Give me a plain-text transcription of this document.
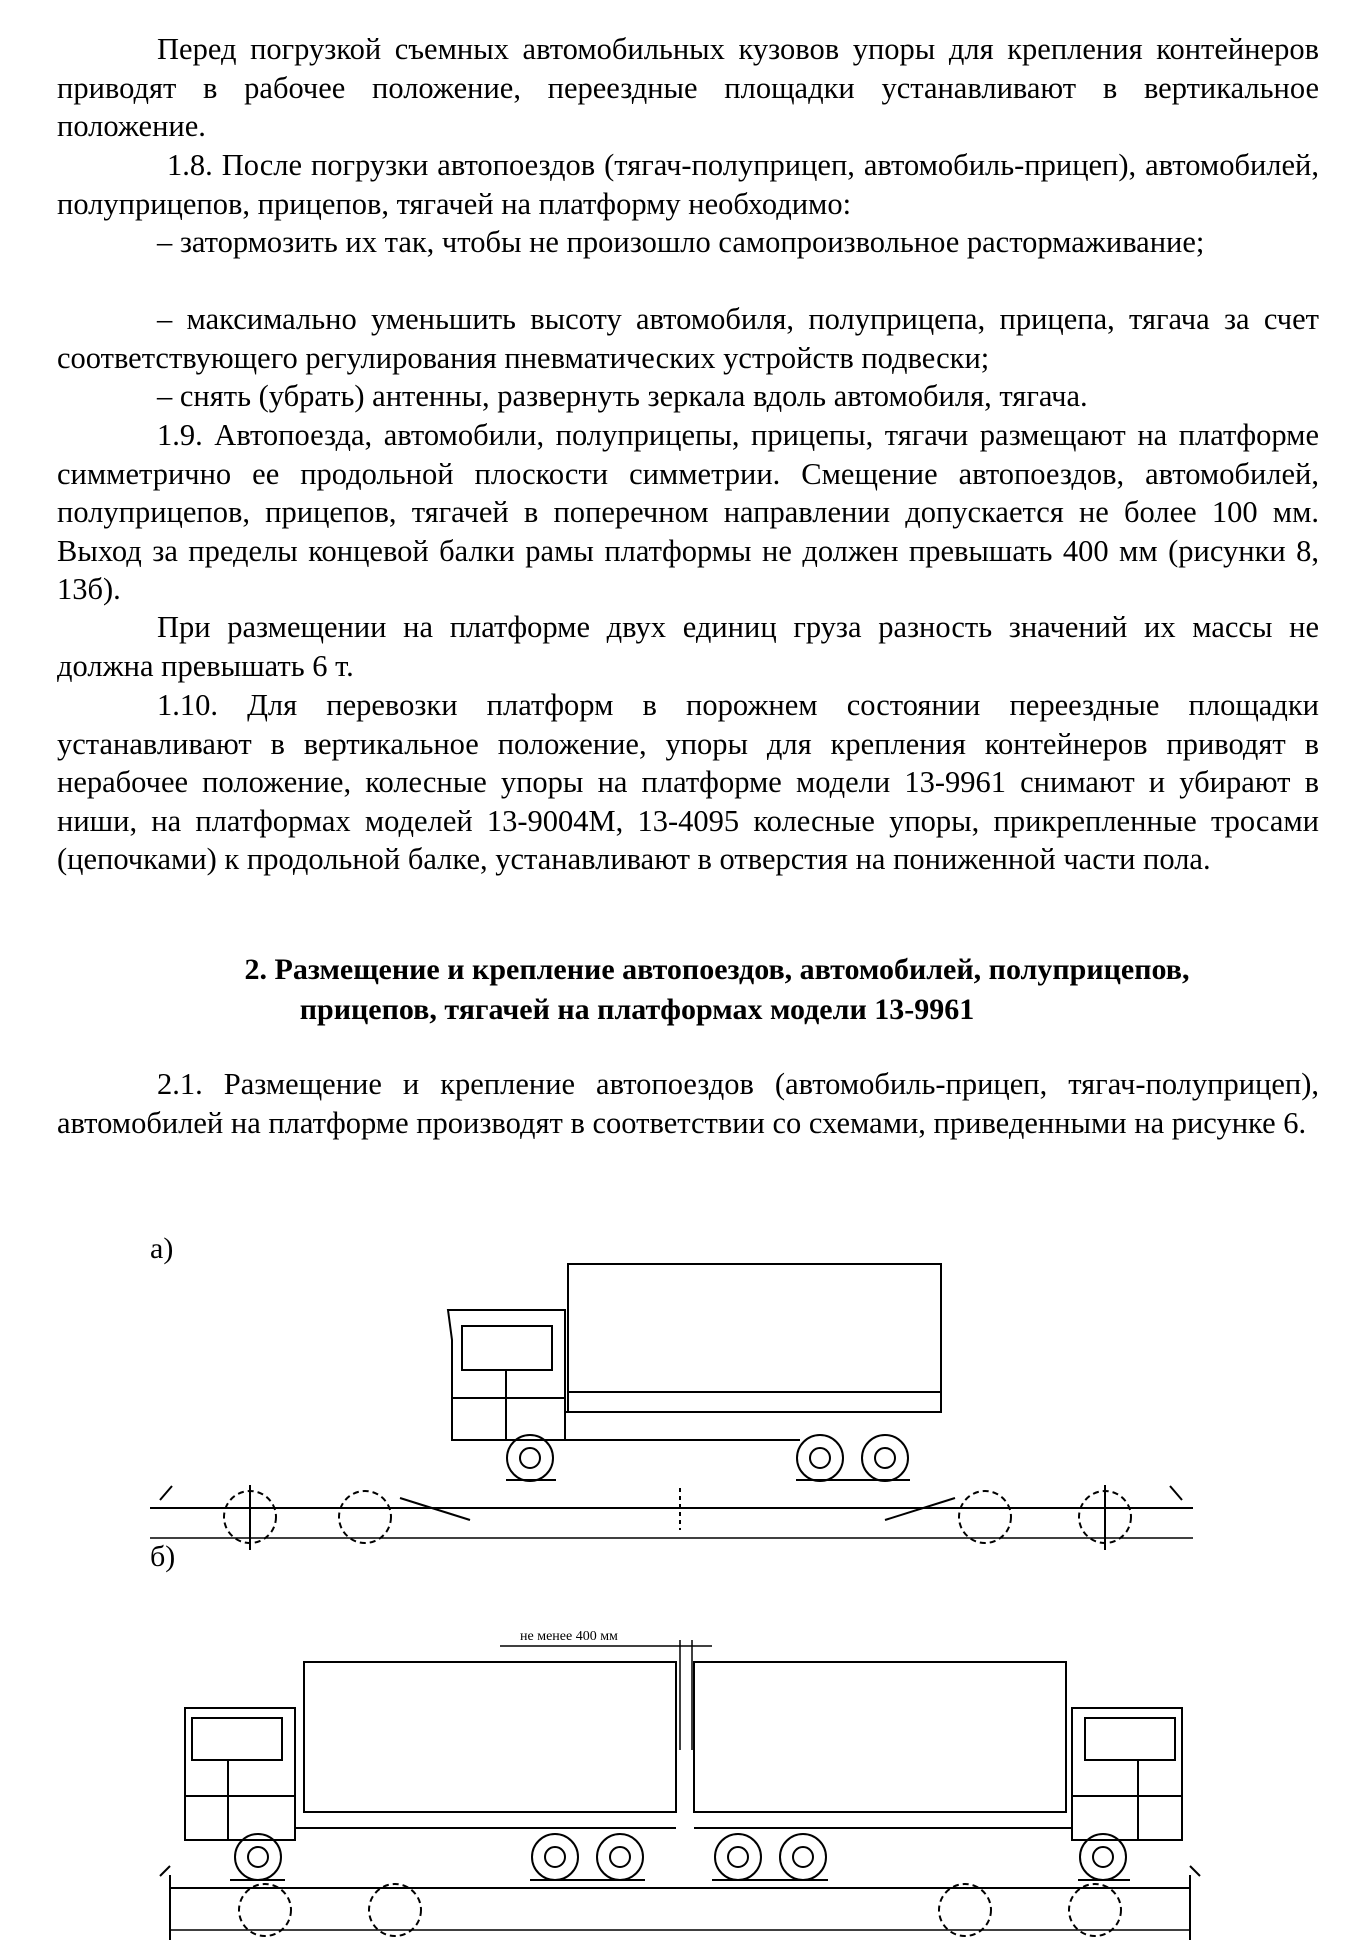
Перед погрузкой съемных автомобильных кузовов упоры для крепления контейнеров приводят в рабочее положение, переездные площадки устанавливают в вертикальное положение.

1.8. После погрузки автопоездов (тягач-полуприцеп, автомобиль-прицеп), автомобилей, полуприцепов, прицепов, тягачей на платформу необходимо:

– затормозить их так, чтобы не произошло самопроизвольное растормаживание;

– максимально уменьшить высоту автомобиля, полуприцепа, прицепа, тягача за счет соответствующего регулирования пневматических устройств подвески;

– снять (убрать) антенны, развернуть зеркала вдоль автомобиля, тягача.

1.9. Автопоезда, автомобили, полуприцепы, прицепы, тягачи размещают на платформе симметрично ее продольной плоскости симметрии. Смещение автопоездов, автомобилей, полуприцепов, прицепов, тягачей в поперечном направлении допускается не более 100 мм. Выход за пределы концевой балки рамы платформы не должен превышать 400 мм (рисунки 8, 13б).

При размещении на платформе двух единиц груза разность значений их массы не должна превышать 6 т.

1.10. Для перевозки платформ в порожнем состоянии переездные площадки устанавливают в вертикальное положение, упоры для крепления контейнеров приводят в нерабочее положение, колесные упоры на платформе модели 13-9961 снимают и убирают в ниши, на платформах моделей 13-9004М, 13-4095 колесные упоры, прикрепленные тросами (цепочками) к продольной балке, устанавливают в отверстия на пониженной части пола.

2. Размещение и крепление автопоездов, автомобилей, полуприцепов,

прицепов, тягачей на платформах модели 13-9961

2.1. Размещение и крепление автопоездов (автомобиль-прицеп, тягач-полуприцеп), автомобилей на платформе производят в соответствии со схемами, приведенными на рисунке 6.

а)
б)
не менее 400 мм
